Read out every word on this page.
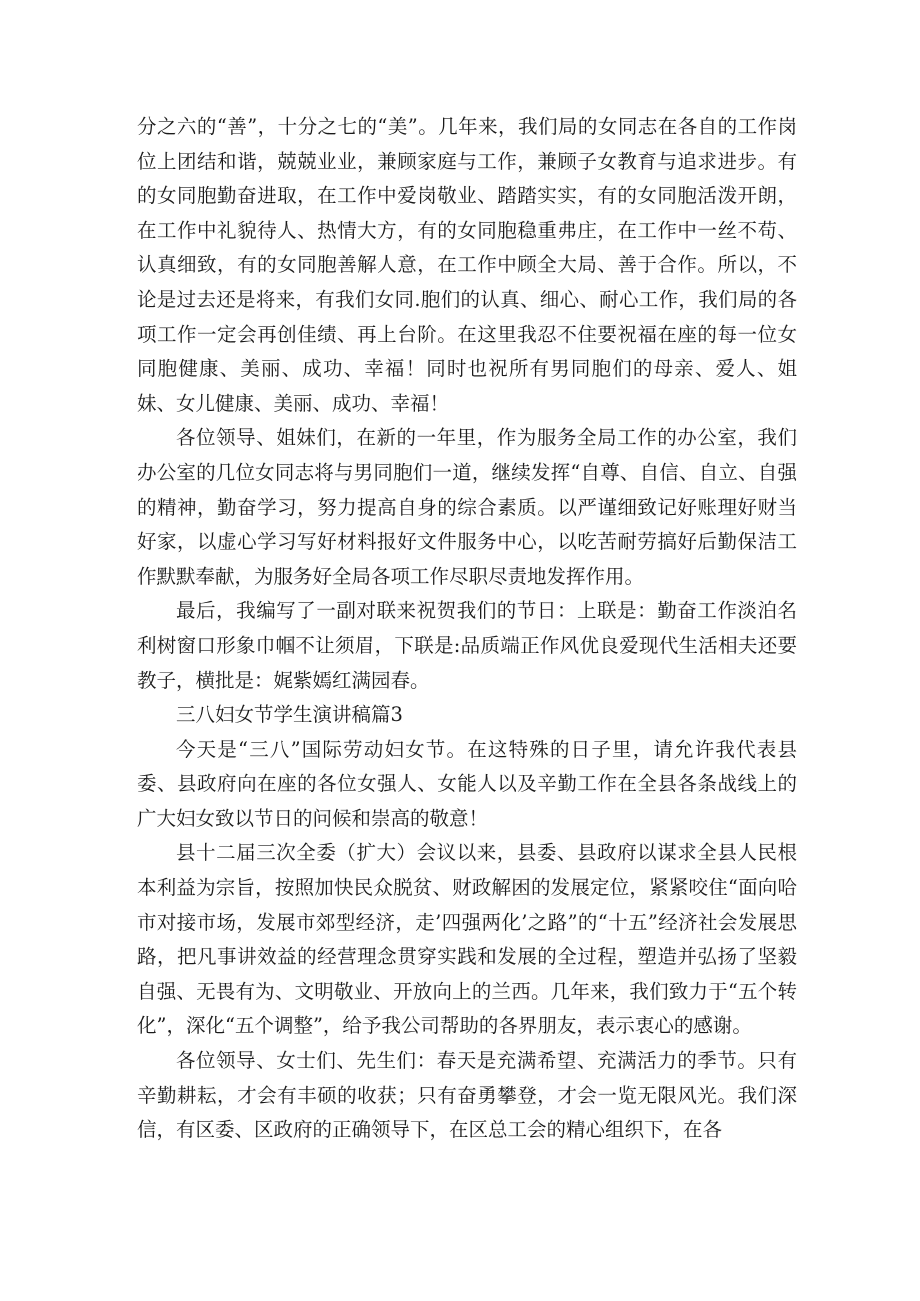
分之六的“善”，十分之七的“美”。几年来，我们局的女同志在各自的工作岗位上团结和谐，兢兢业业，兼顾家庭与工作，兼顾子女教育与追求进步。有的女同胞勤奋进取，在工作中爱岗敬业、踏踏实实，有的女同胞活泼开朗，在工作中礼貌待人、热情大方，有的女同胞稳重弗庄，在工作中一丝不苟、认真细致，有的女同胞善解人意，在工作中顾全大局、善于合作。所以，不论是过去还是将来，有我们女同.胞们的认真、细心、耐心工作，我们局的各项工作一定会再创佳绩、再上台阶。在这里我忍不住要祝福在座的每一位女同胞健康、美丽、成功、幸福！同时也祝所有男同胞们的母亲、爱人、姐妹、女儿健康、美丽、成功、幸福！

各位领导、姐妹们，在新的一年里，作为服务全局工作的办公室，我们办公室的几位女同志将与男同胞们一道，继续发挥“自尊、自信、自立、自强的精神，勤奋学习，努力提高自身的综合素质。以严谨细致记好账理好财当好家，以虚心学习写好材料报好文件服务中心，以吃苦耐劳搞好后勤保洁工作默默奉献，为服务好全局各项工作尽职尽责地发挥作用。

最后，我编写了一副对联来祝贺我们的节日：上联是：勤奋工作淡泊名利树窗口形象巾帼不让须眉，下联是:品质端正作风优良爱现代生活相夫还要教子，横批是：娓紫嫣红满园春。

三八妇女节学生演讲稿篇3

今天是“三八”国际劳动妇女节。在这特殊的日子里，请允许我代表县委、县政府向在座的各位女强人、女能人以及辛勤工作在全县各条战线上的广大妇女致以节日的问候和崇高的敬意！

县十二届三次全委（扩大）会议以来，县委、县政府以谋求全县人民根本利益为宗旨，按照加快民众脱贫、财政解困的发展定位，紧紧咬住“面向哈市对接市场，发展市郊型经济，走’四强两化’之路”的“十五”经济社会发展思路，把凡事讲效益的经营理念贯穿实践和发展的全过程，塑造并弘扬了坚毅自强、无畏有为、文明敬业、开放向上的兰西。几年来，我们致力于“五个转化”，深化“五个调整”，给予我公司帮助的各界朋友，表示衷心的感谢。

各位领导、女士们、先生们：春天是充满希望、充满活力的季节。只有辛勤耕耘，才会有丰硕的收获；只有奋勇攀登，才会一览无限风光。我们深信，有区委、区政府的正确领导下，在区总工会的精心组织下，在各
